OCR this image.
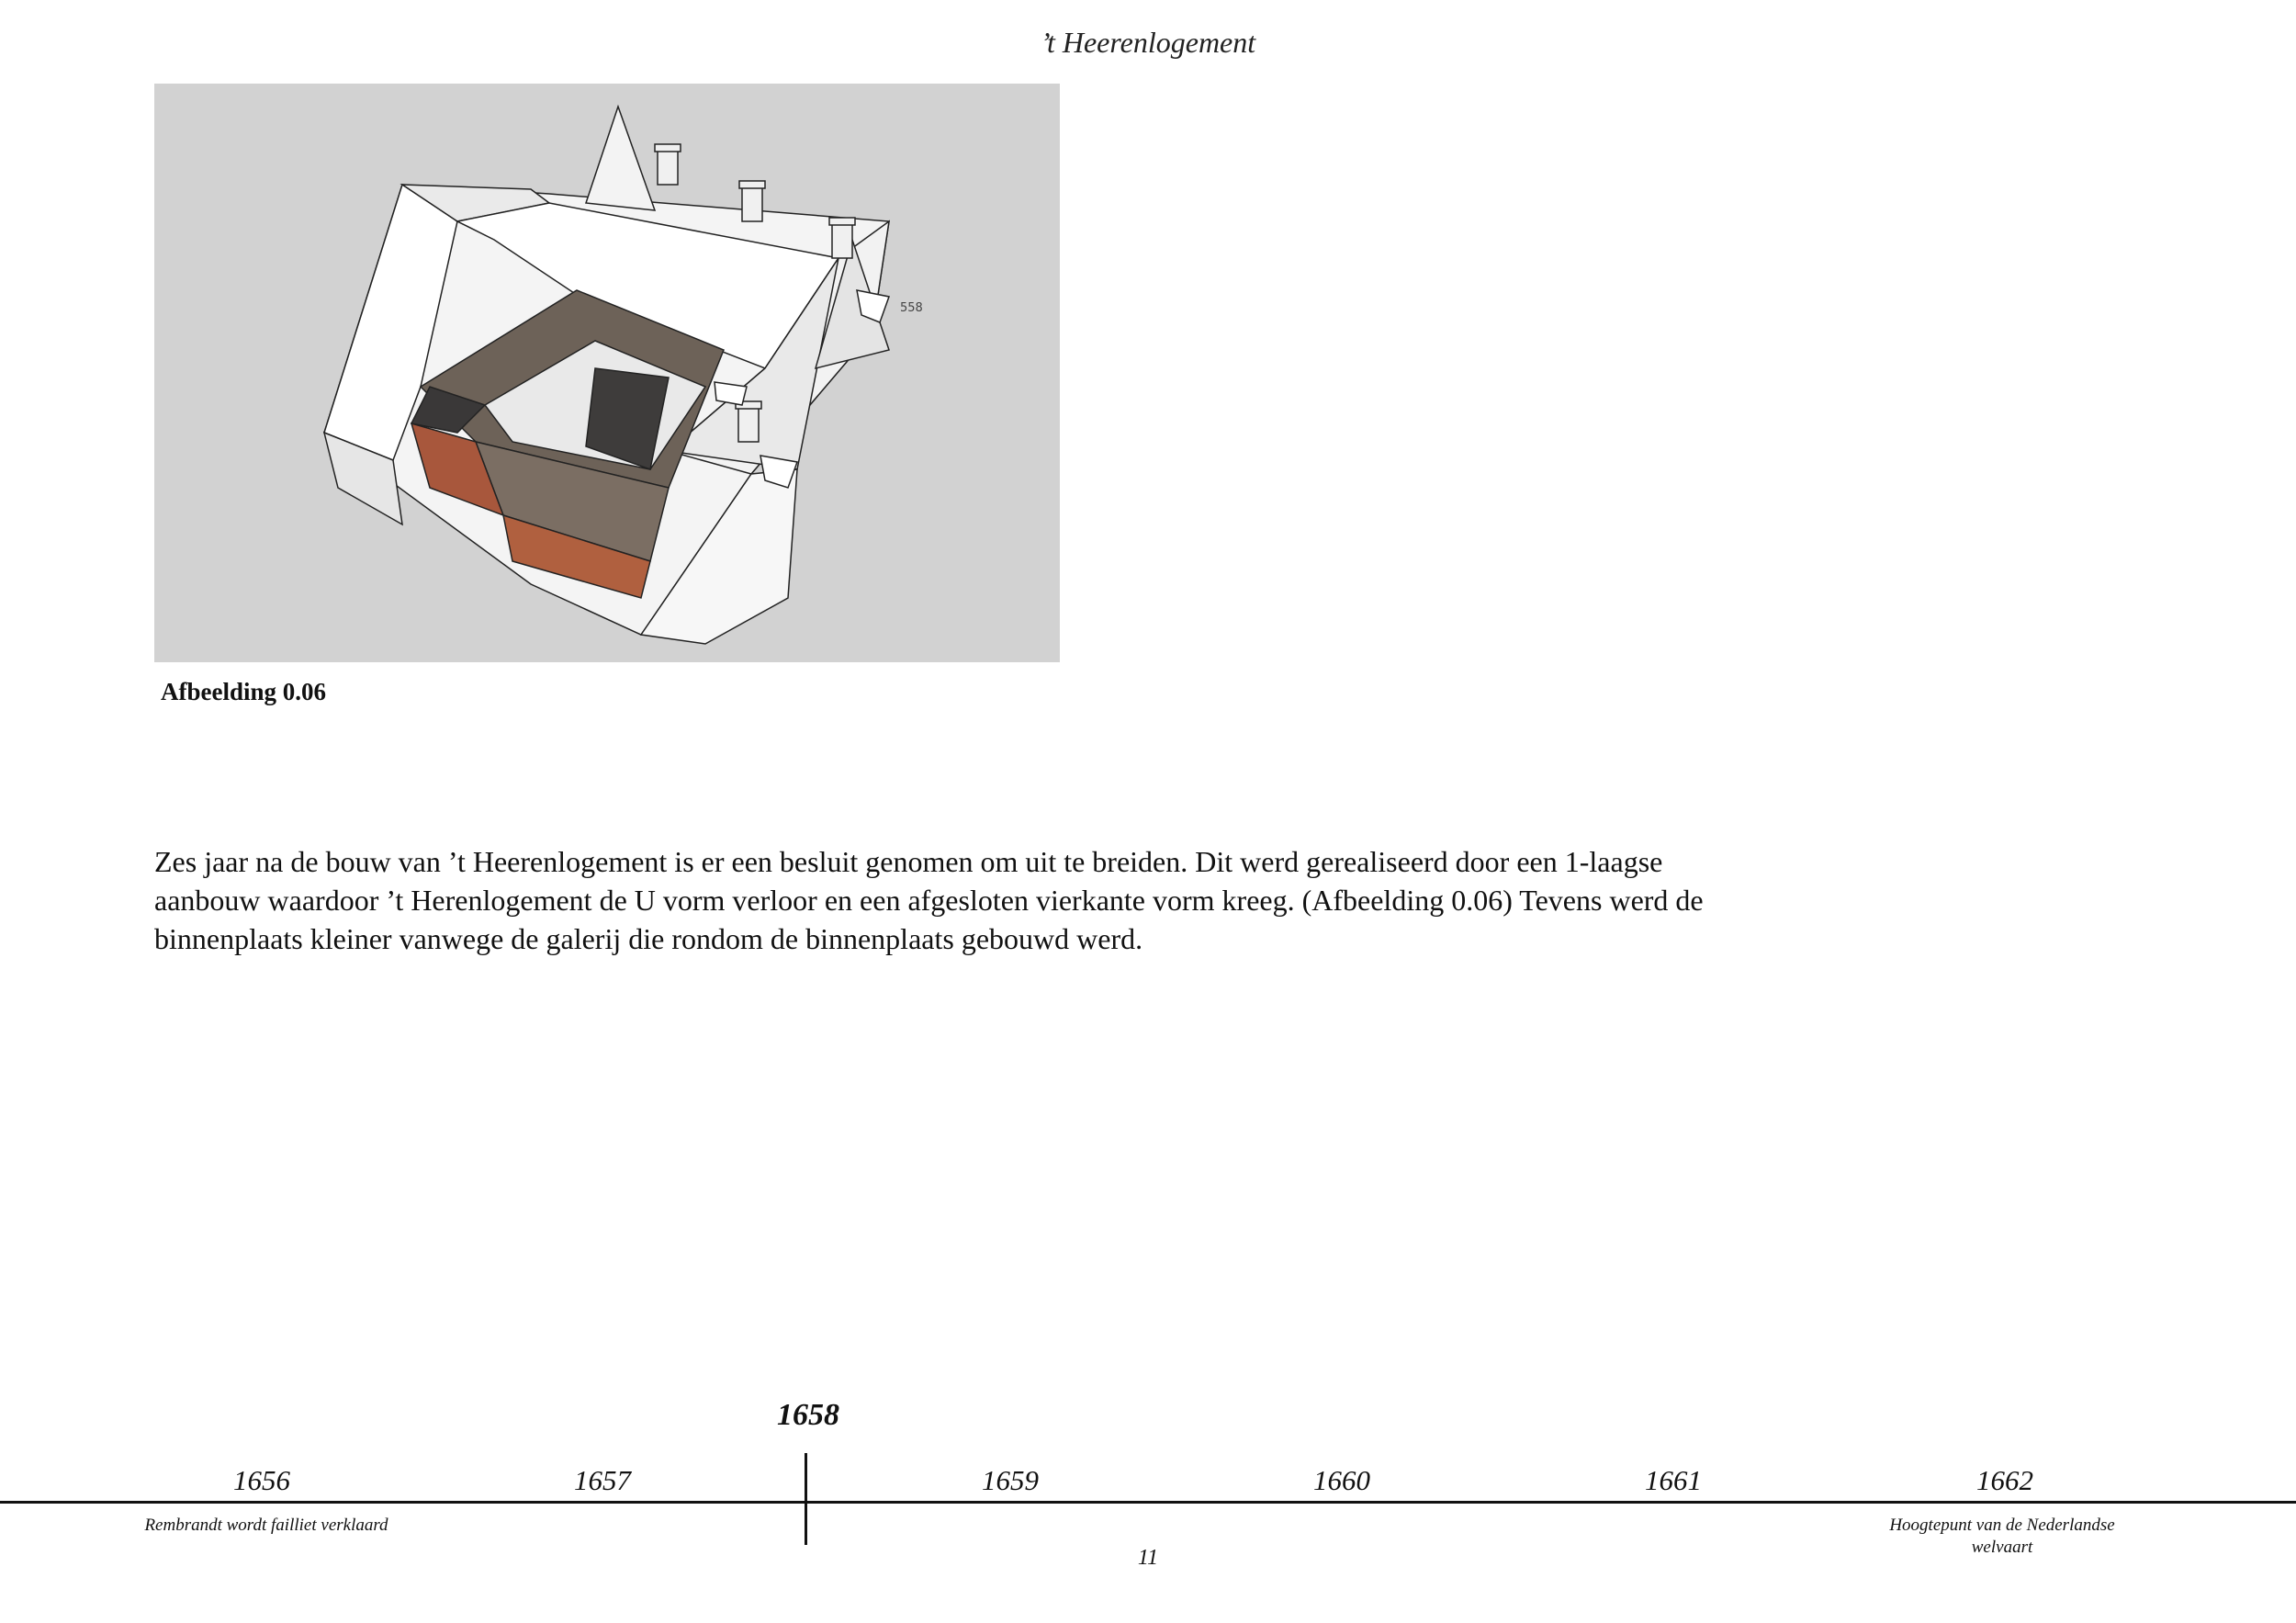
’t Heerenlogement
558
Afbeelding 0.06

Zes jaar na de bouw van ’t Heerenlogement is er een besluit genomen om uit te breiden. Dit werd gerealiseerd door een 1-laagse aanbouw waardoor ’t Herenlogement de U vorm verloor en een afgesloten vierkante vorm kreeg. (Afbeelding 0.06) Tevens werd de binnenplaats kleiner vanwege de galerij die rondom de binnenplaats gebouwd werd.

1658
1656	1657	1659	1660	1661	1662
Rembrandt wordt failliet verklaard	Hoogtepunt van de Nederlandse welvaart
11
